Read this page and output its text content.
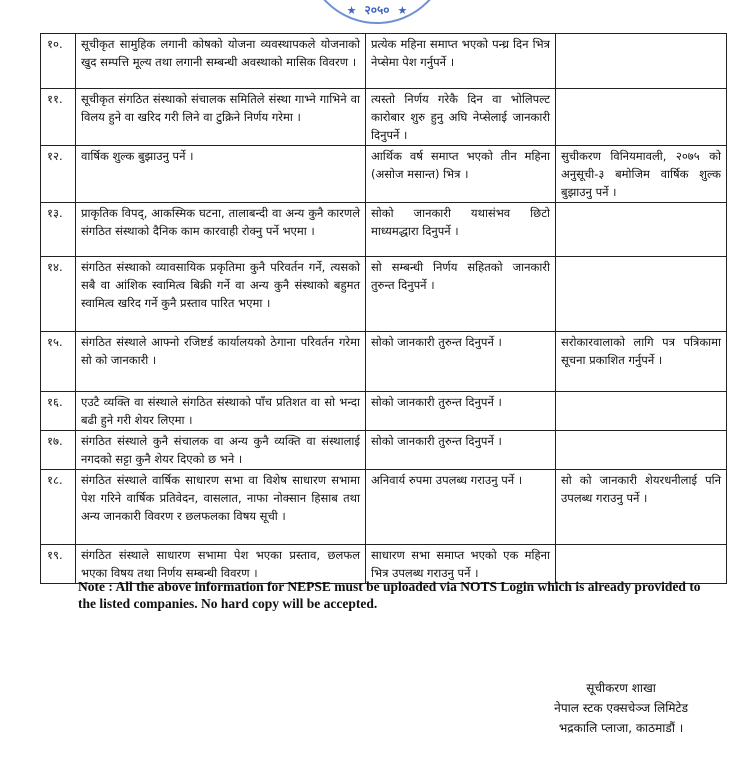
★ २०५० ★
१०.	सूचीकृत सामुहिक लगानी कोषको योजना व्यवस्थापकले योजनाको खुद सम्पत्ति मूल्य तथा लगानी सम्बन्धी अवस्थाको मासिक विवरण ।	प्रत्येक महिना समाप्त भएको पन्ध्र दिन भित्र नेप्सेमा पेश गर्नुपर्ने ।	
११.	सूचीकृत संगठित संस्थाको संचालक समितिले संस्था गाभ्ने गाभिने वा विलय हुने वा खरिद गरी लिने वा टुक्रिने निर्णय गरेमा ।	त्यस्तो निर्णय गरेकै दिन वा भोलिपल्ट कारोबार शुरु हुनु अघि नेप्सेलाई जानकारी दिनुपर्ने ।	
१२.	वार्षिक शुल्क बुझाउनु पर्ने ।	आर्थिक वर्ष समाप्त भएको तीन महिना (असोज मसान्त) भित्र ।	सुचीकरण विनियमावली, २०७५ को अनुसूची-३ बमोजिम वार्षिक शुल्क बुझाउनु पर्ने ।
१३.	प्राकृतिक विपद्, आकस्मिक घटना, तालाबन्दी वा अन्य कुनै कारणले संगठित संस्थाको दैनिक काम कारवाही रोक्नु पर्ने भएमा ।	सोको जानकारी यथासंभव छिटो माध्यमद्धारा दिनुपर्ने ।	
१४.	संगठित संस्थाको व्यावसायिक प्रकृतिमा कुनै परिवर्तन गर्ने, त्यसको सबै वा आंशिक स्वामित्व बिक्री गर्ने वा अन्य कुनै संस्थाको बहुमत स्वामित्व खरिद गर्ने कुनै प्रस्ताव पारित भएमा ।	सो सम्बन्धी निर्णय सहितको जानकारी तुरुन्त दिनुपर्ने ।	
१५.	संगठित संस्थाले आफ्नो रजिष्टर्ड कार्यालयको ठेगाना परिवर्तन गरेमा सो को जानकारी ।	सोको जानकारी तुरुन्त दिनुपर्ने ।	सरोकारवालाको लागि पत्र पत्रिकामा सूचना प्रकाशित गर्नुपर्ने ।
१६.	एउटै व्यक्ति वा संस्थाले संगठित संस्थाको पाँच प्रतिशत वा सो भन्दा बढी हुने गरी शेयर लिएमा ।	सोको जानकारी तुरुन्त दिनुपर्ने ।	
१७.	संगठित संस्थाले कुनै संचालक वा अन्य कुनै व्यक्ति वा संस्थालाई नगदको सट्टा कुनै शेयर दिएको छ भने ।	सोको जानकारी तुरुन्त दिनुपर्ने ।	
१८.	संगठित संस्थाले वार्षिक साधारण सभा वा विशेष साधारण सभामा पेश गरिने वार्षिक प्रतिवेदन, वासलात, नाफा नोक्सान हिसाब तथा अन्य जानकारी विवरण र छलफलका विषय सूची ।	अनिवार्य रुपमा उपलब्ध गराउनु पर्ने ।	सो को जानकारी शेयरधनीलाई पनि उपलब्ध गराउनु पर्ने ।
१९.	संगठित संस्थाले साधारण सभामा पेश भएका प्रस्ताव, छलफल भएका विषय तथा निर्णय सम्बन्धी विवरण ।	साधारण सभा समाप्त भएको एक महिना भित्र उपलब्ध गराउनु पर्ने ।	
Note : All the above information for NEPSE must be uploaded via NOTS Login which is already provided to the listed companies. No hard copy will be accepted.
सूचीकरण शाखा
नेपाल स्टक एक्सचेञ्ज लिमिटेड
भद्रकालि प्लाजा, काठमाडौं ।
